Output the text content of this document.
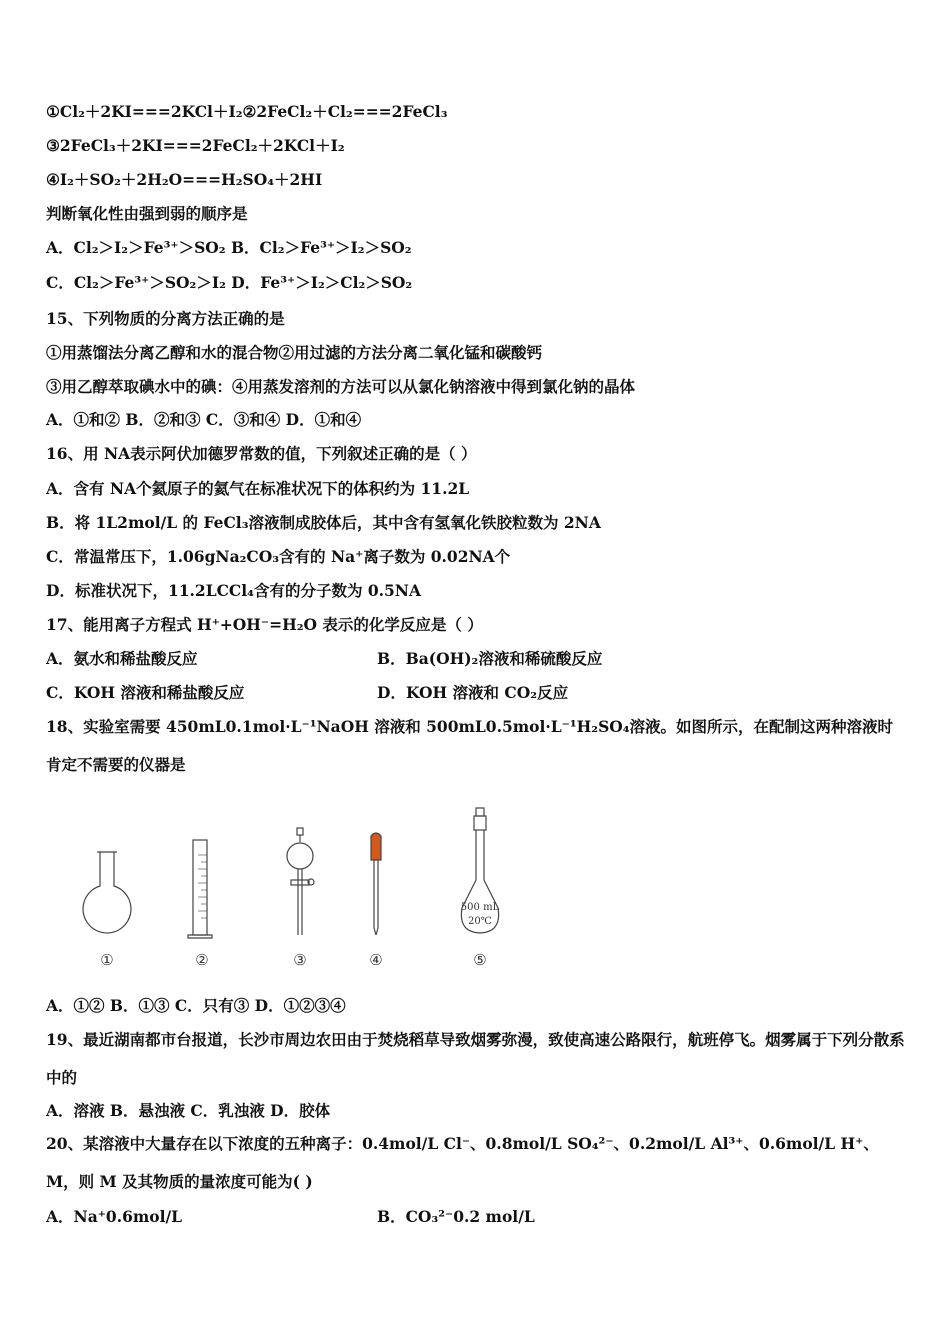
①Cl₂＋2KI===2KCl＋I₂②2FeCl₂＋Cl₂===2FeCl₃
③2FeCl₃＋2KI===2FeCl₂＋2KCl＋I₂
④I₂＋SO₂＋2H₂O===H₂SO₄＋2HI
判断氧化性由强到弱的顺序是
A．Cl₂＞I₂＞Fe³⁺＞SO₂ B．Cl₂＞Fe³⁺＞I₂＞SO₂
C．Cl₂＞Fe³⁺＞SO₂＞I₂ D．Fe³⁺＞I₂＞Cl₂＞SO₂
15、下列物质的分离方法正确的是
①用蒸馏法分离乙醇和水的混合物②用过滤的方法分离二氧化锰和碳酸钙
③用乙醇萃取碘水中的碘：④用蒸发溶剂的方法可以从氯化钠溶液中得到氯化钠的晶体
A．①和② B．②和③ C．③和④ D．①和④
16、用 NA表示阿伏加德罗常数的值，下列叙述正确的是（ ）
A．含有 NA个氦原子的氦气在标准状况下的体积约为 11.2L
B．将 1L2mol/L 的 FeCl₃溶液制成胶体后，其中含有氢氧化铁胶粒数为 2NA
C．常温常压下，1.06gNa₂CO₃含有的 Na⁺离子数为 0.02NA个
D．标准状况下，11.2LCCl₄含有的分子数为 0.5NA
17、能用离子方程式 H⁺+OH⁻=H₂O 表示的化学反应是（ ）
A．氨水和稀盐酸反应	B．Ba(OH)₂溶液和稀硫酸反应
C．KOH 溶液和稀盐酸反应	D．KOH 溶液和 CO₂反应
18、实验室需要 450mL0.1mol·L⁻¹NaOH 溶液和 500mL0.5mol·L⁻¹H₂SO₄溶液。如图所示，在配制这两种溶液时肯定不需要的仪器是
500 mL
20℃
①	②	③	④	⑤
A．①② B．①③ C．只有③ D．①②③④
19、最近湖南都市台报道，长沙市周边农田由于焚烧稻草导致烟雾弥漫，致使高速公路限行，航班停飞。烟雾属于下列分散系中的
A．溶液 B．悬浊液 C．乳浊液 D．胶体
20、某溶液中大量存在以下浓度的五种离子：0.4mol/L Cl⁻、0.8mol/L SO₄²⁻、0.2mol/L Al³⁺、0.6mol/L H⁺、M，则 M 及其物质的量浓度可能为( )
A．Na⁺0.6mol/L	B．CO₃²⁻0.2 mol/L
